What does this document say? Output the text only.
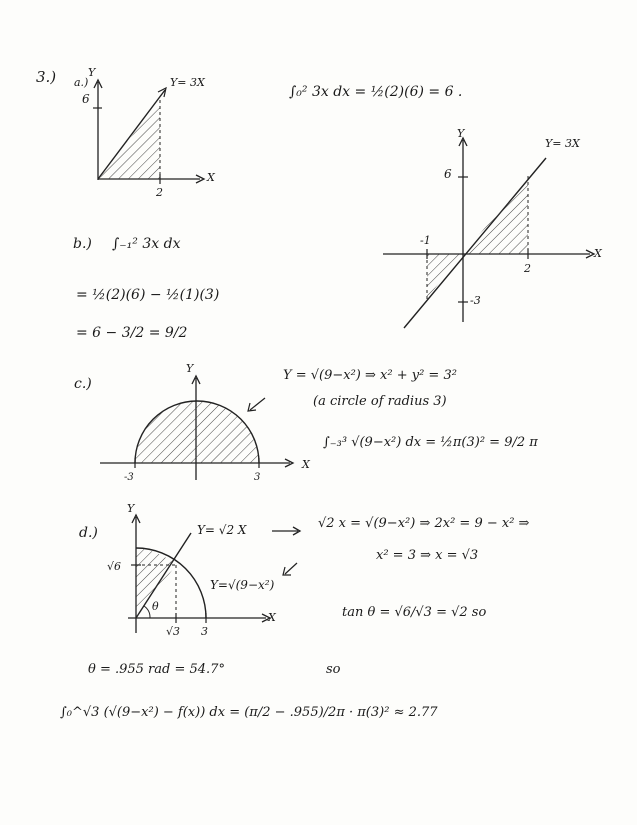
3.) a.)
Y
6
X
2
Y= 3X
∫₀² 3x dx = ½(2)(6) = 6 .
Y
Y= 3X
6
-1
2
X
-3
b.) ∫₋₁² 3x dx
= ½(2)(6) − ½(1)(3)
= 6 − 3/2 = 9/2
c.)
Y
X
-3	3
Y = √(9−x²) ⇒ x² + y² = 3²
(a circle of radius 3)
∫₋₃³ √(9−x²) dx = ½π(3)² = 9/2 π
d.)
Y
Y= √2 X
Y=√(9−x²)
√6
√3 3
X
θ
√2 x = √(9−x²) ⇒ 2x² = 9 − x² ⇒
x² = 3 ⇒ x = √3
tan θ = √6/√3 = √2 so
θ = .955 rad = 54.7°	so
∫₀^√3 (√(9−x²) − f(x)) dx = (π/2 − .955)/2π · π(3)² ≈ 2.77
